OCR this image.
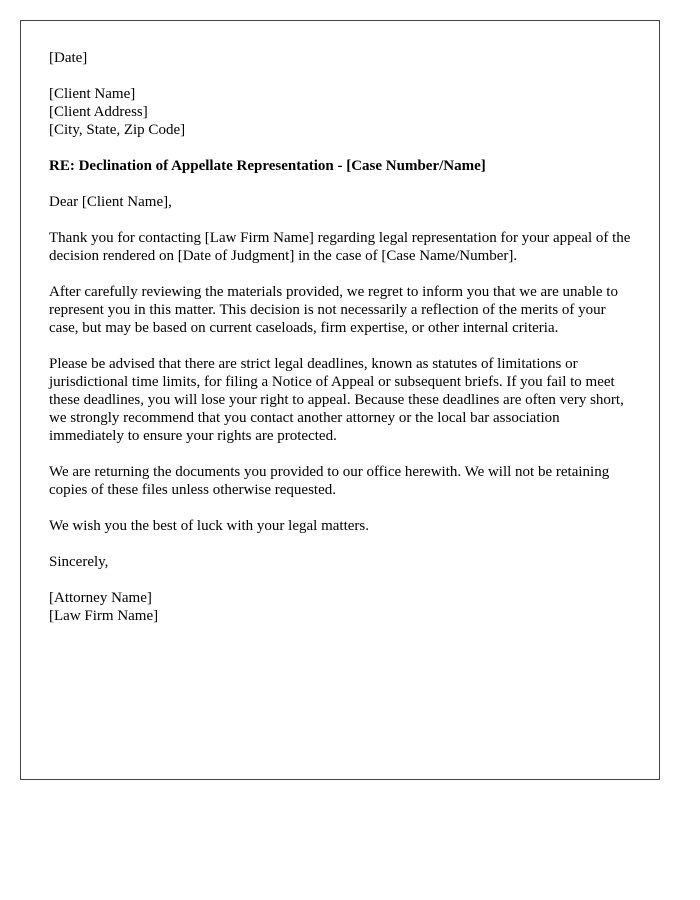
[Date]
[Client Name]
[Client Address]
[City, State, Zip Code]
RE: Declination of Appellate Representation - [Case Number/Name]
Dear [Client Name],

Thank you for contacting [Law Firm Name] regarding legal representation for your appeal of the decision rendered on [Date of Judgment] in the case of [Case Name/Number].

After carefully reviewing the materials provided, we regret to inform you that we are unable to represent you in this matter. This decision is not necessarily a reflection of the merits of your case, but may be based on current caseloads, firm expertise, or other internal criteria.

Please be advised that there are strict legal deadlines, known as statutes of limitations or jurisdictional time limits, for filing a Notice of Appeal or subsequent briefs. If you fail to meet these deadlines, you will lose your right to appeal. Because these deadlines are often very short, we strongly recommend that you contact another attorney or the local bar association immediately to ensure your rights are protected.

We are returning the documents you provided to our office herewith. We will not be retaining copies of these files unless otherwise requested.

We wish you the best of luck with your legal matters.

Sincerely,
[Attorney Name]
[Law Firm Name]
